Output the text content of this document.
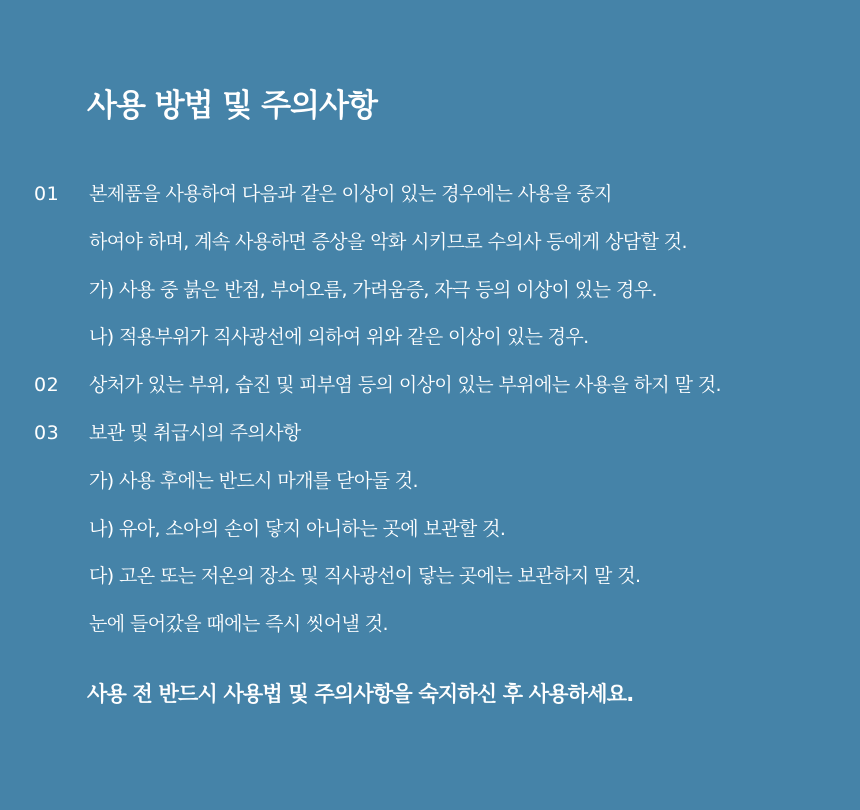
사용 방법 및 주의사항
01 본제품을 사용하여 다음과 같은 이상이 있는 경우에는 사용을 중지
하여야 하며, 계속 사용하면 증상을 악화 시키므로 수의사 등에게 상담할 것.
가) 사용 중 붉은 반점, 부어오름, 가려움증, 자극 등의 이상이 있는 경우.
나) 적용부위가 직사광선에 의하여 위와 같은 이상이 있는 경우.
02 상처가 있는 부위, 습진 및 피부염 등의 이상이 있는 부위에는 사용을 하지 말 것.
03 보관 및 취급시의 주의사항
가) 사용 후에는 반드시 마개를 닫아둘 것.
나) 유아, 소아의 손이 닿지 아니하는 곳에 보관할 것.
다) 고온 또는 저온의 장소 및 직사광선이 닿는 곳에는 보관하지 말 것.
눈에 들어갔을 때에는 즉시 씻어낼 것.
사용 전 반드시 사용법 및 주의사항을 숙지하신 후 사용하세요.
